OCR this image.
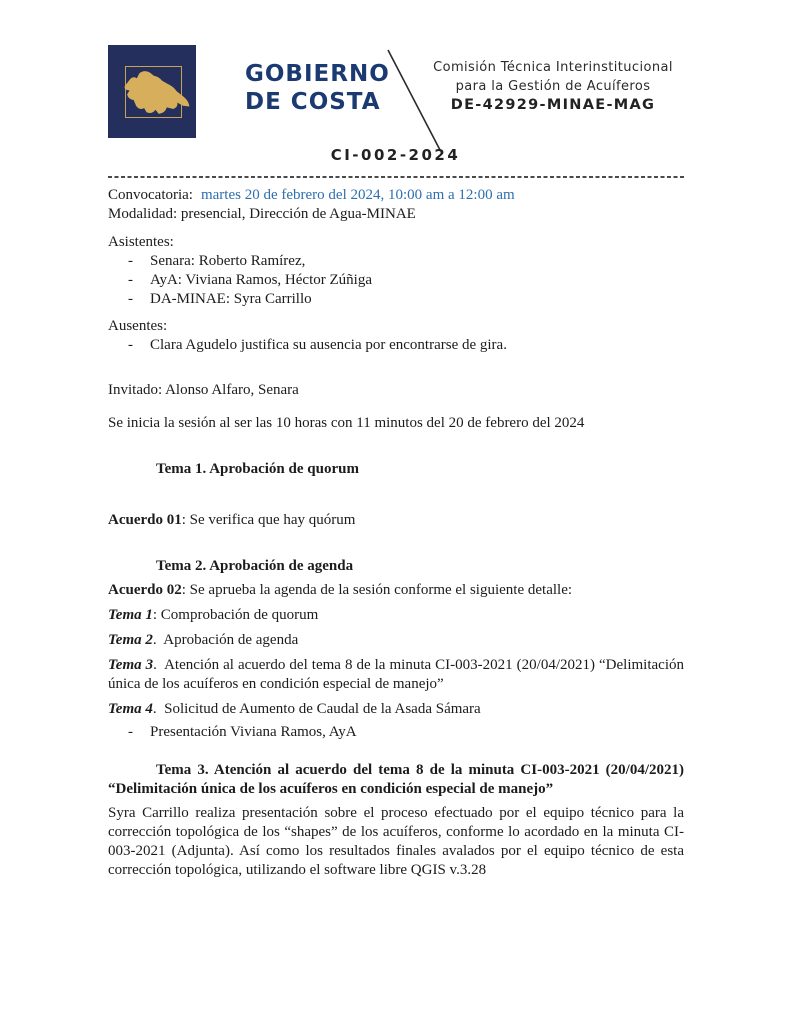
GOBIERNO
DE COSTA
Comisión Técnica Interinstitucional
para la Gestión de Acuíferos
DE-42929-MINAE-MAG
CI-002-2024

Convocatoria: martes 20 de febrero del 2024, 10:00 am a 12:00 am

Modalidad: presencial, Dirección de Agua-MINAE

Asistentes:

- Senara: Roberto Ramírez,

- AyA: Viviana Ramos, Héctor Zúñiga

- DA-MINAE: Syra Carrillo

Ausentes:

- Clara Agudelo justifica su ausencia por encontrarse de gira.

Invitado: Alonso Alfaro, Senara

Se inicia la sesión al ser las 10 horas con 11 minutos del 20 de febrero del 2024

Tema 1. Aprobación de quorum

Acuerdo 01: Se verifica que hay quórum

Tema 2. Aprobación de agenda

Acuerdo 02: Se aprueba la agenda de la sesión conforme el siguiente detalle:

Tema 1: Comprobación de quorum

Tema 2.  Aprobación de agenda

Tema 3.  Atención al acuerdo del tema 8 de la minuta CI-003-2021 (20/04/2021) “Delimitación única de los acuíferos en condición especial de manejo”

Tema 4.  Solicitud de Aumento de Caudal de la Asada Sámara

- Presentación Viviana Ramos, AyA

Tema 3. Atención al acuerdo del tema 8 de la minuta CI-003-2021 (20/04/2021)
“Delimitación única de los acuíferos en condición especial de manejo”

Syra Carrillo realiza presentación sobre el proceso efectuado por el equipo técnico para la corrección topológica de los “shapes” de los acuíferos, conforme lo acordado en la minuta CI-003-2021 (Adjunta). Así como los resultados finales avalados por el equipo técnico de esta corrección topológica, utilizando el software libre QGIS v.3.28
